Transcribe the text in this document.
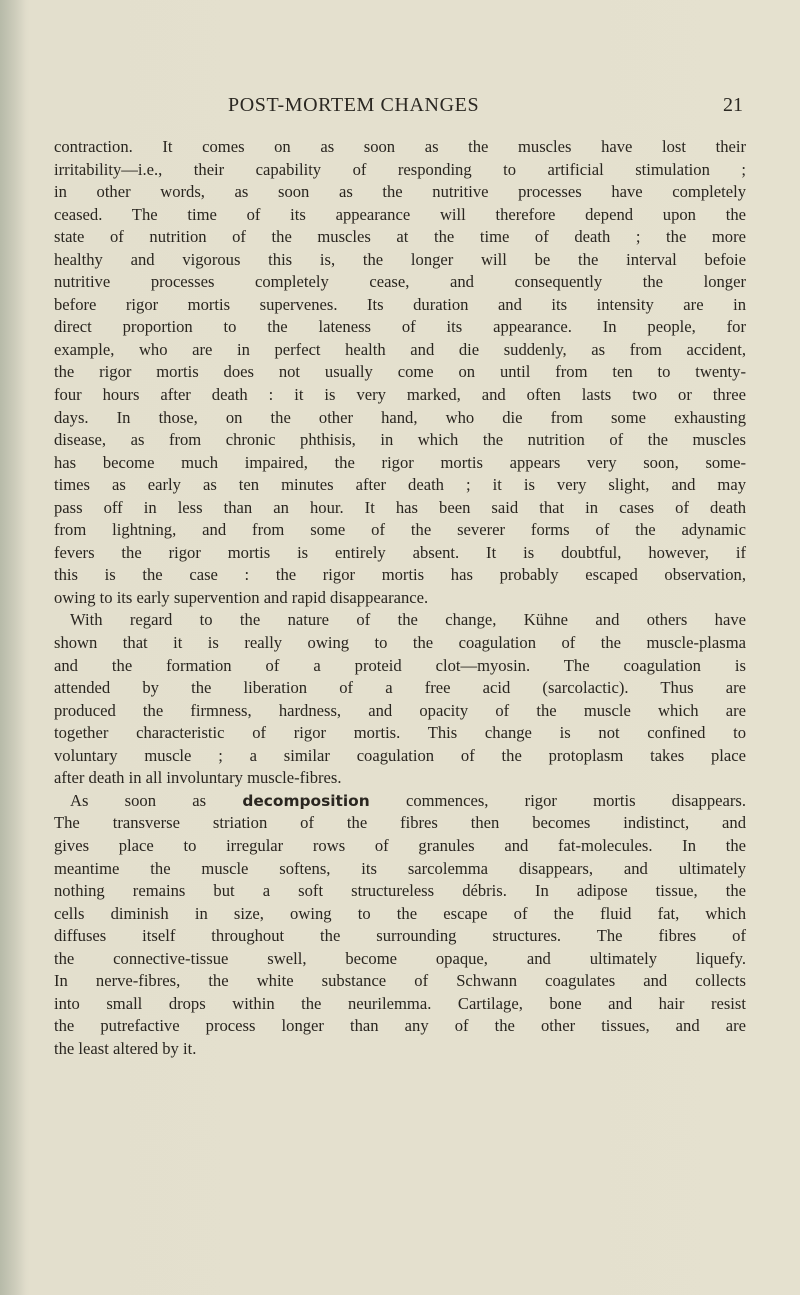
POST-MORTEM CHANGES	21
contraction. It comes on as soon as the muscles have lost their
irritability—i.e., their capability of responding to artificial stimulation ;
in other words, as soon as the nutritive processes have completely
ceased. The time of its appearance will therefore depend upon the
state of nutrition of the muscles at the time of death ; the more
healthy and vigorous this is, the longer will be the interval befoie
nutritive processes completely cease, and consequently the longer
before rigor mortis supervenes. Its duration and its intensity are in
direct proportion to the lateness of its appearance. In people, for
example, who are in perfect health and die suddenly, as from accident,
the rigor mortis does not usually come on until from ten to twenty-
four hours after death : it is very marked, and often lasts two or three
days. In those, on the other hand, who die from some exhausting
disease, as from chronic phthisis, in which the nutrition of the muscles
has become much impaired, the rigor mortis appears very soon, some-
times as early as ten minutes after death ; it is very slight, and may
pass off in less than an hour. It has been said that in cases of death
from lightning, and from some of the severer forms of the adynamic
fevers the rigor mortis is entirely absent. It is doubtful, however, if
this is the case : the rigor mortis has probably escaped observation,
owing to its early supervention and rapid disappearance.
With regard to the nature of the change, Kühne and others have
shown that it is really owing to the coagulation of the muscle-plasma
and the formation of a proteid clot—myosin. The coagulation is
attended by the liberation of a free acid (sarcolactic). Thus are
produced the firmness, hardness, and opacity of the muscle which are
together characteristic of rigor mortis. This change is not confined to
voluntary muscle ; a similar coagulation of the protoplasm takes place
after death in all involuntary muscle-fibres.
As soon as decomposition commences, rigor mortis disappears.
The transverse striation of the fibres then becomes indistinct, and
gives place to irregular rows of granules and fat-molecules. In the
meantime the muscle softens, its sarcolemma disappears, and ultimately
nothing remains but a soft structureless débris. In adipose tissue, the
cells diminish in size, owing to the escape of the fluid fat, which
diffuses itself throughout the surrounding structures. The fibres of
the connective-tissue swell, become opaque, and ultimately liquefy.
In nerve-fibres, the white substance of Schwann coagulates and collects
into small drops within the neurilemma. Cartilage, bone and hair resist
the putrefactive process longer than any of the other tissues, and are
the least altered by it.
